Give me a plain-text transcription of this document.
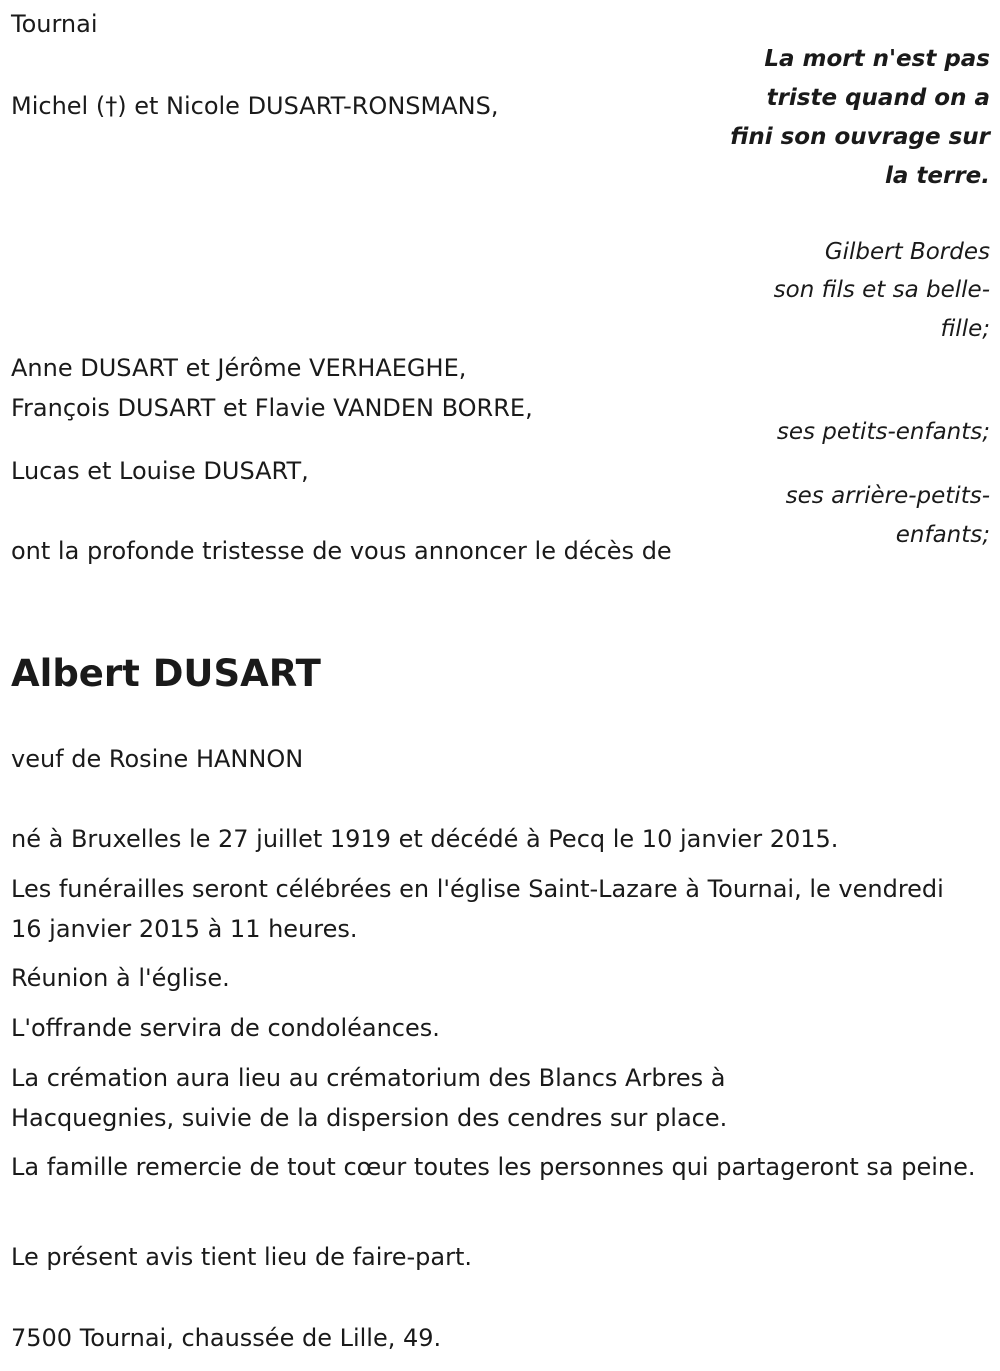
Tournai

Michel (†) et Nicole DUSART-RONSMANS,

La mort n'est pas triste quand on a fini son ouvrage sur la terre.

Gilbert Bordes

son fils et sa belle-fille;

Anne DUSART et Jérôme VERHAEGHE,

François DUSART et Flavie VANDEN BORRE,

ses petits-enfants;

Lucas et Louise DUSART,

ses arrière-petits-enfants;

ont la profonde tristesse de vous annoncer le décès de

Albert DUSART

veuf de Rosine HANNON

né à Bruxelles le 27 juillet 1919 et décédé à Pecq le 10 janvier 2015.

Les funérailles seront célébrées en l'église Saint-Lazare à Tournai, le vendredi 16 janvier 2015 à 11 heures.

Réunion à l'église.

L'offrande servira de condoléances.

La crémation aura lieu au crématorium des Blancs Arbres à Hacquegnies, suivie de la dispersion des cendres sur place.

La famille remercie de tout cœur toutes les personnes qui partageront sa peine.

Le présent avis tient lieu de faire-part.

7500 Tournai, chaussée de Lille, 49.
